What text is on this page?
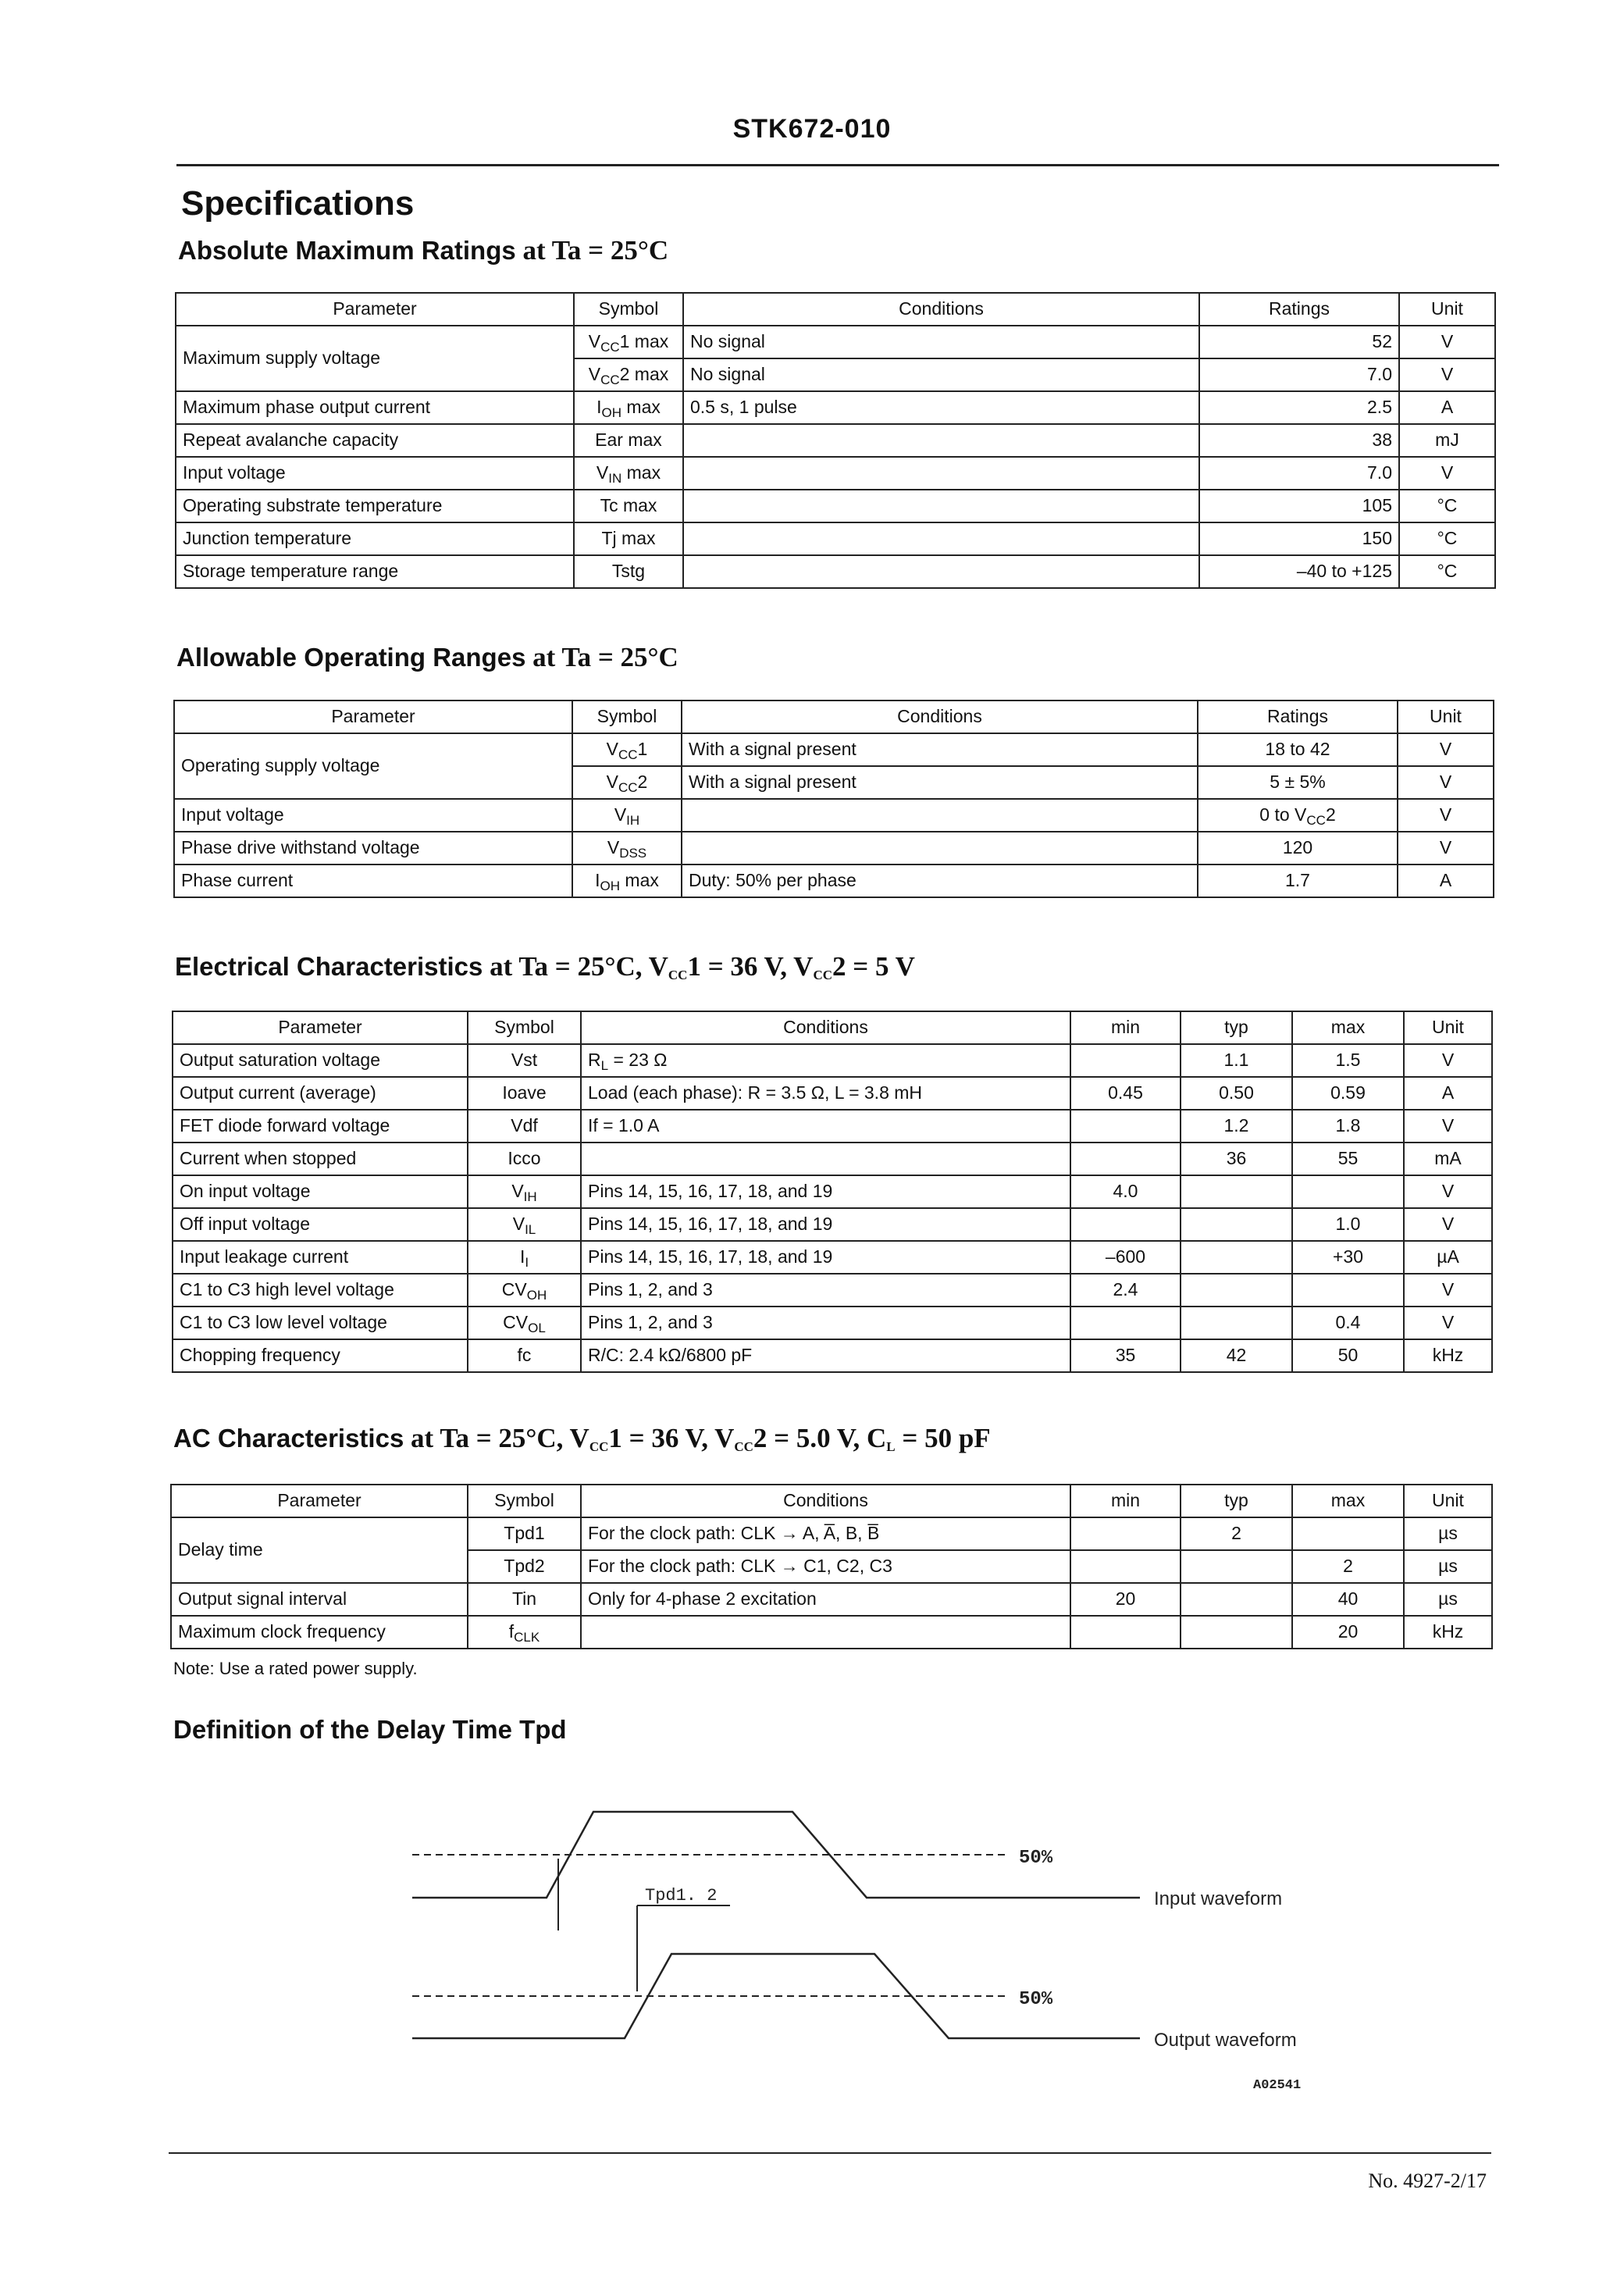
STK672-010
Specifications
Absolute Maximum Ratings at Ta = 25°C
Parameter	Symbol	Conditions	Ratings	Unit
Maximum supply voltage	$V_{CC}1$ max	No signal	52	V
	$V_{CC}2$ max	No signal	7.0	V
Maximum phase output current	$I_{OH}$ max	0.5 s, 1 pulse	2.5	A
Repeat avalanche capacity	Ear max		38	mJ
Input voltage	$V_{IN}$ max		7.0	V
Operating substrate temperature	Tc max		105	°C
Junction temperature	Tj max		150	°C
Storage temperature range	Tstg		–40 to +125	°C
Allowable Operating Ranges at Ta = 25°C
Parameter	Symbol	Conditions	Ratings	Unit
Operating supply voltage	$V_{CC}1$	With a signal present	18 to 42	V
	$V_{CC}2$	With a signal present	5 ± 5%	V
Input voltage	$V_{IH}$		0 to $V_{CC}2$	V
Phase drive withstand voltage	$V_{DSS}$		120	V
Phase current	$I_{OH}$ max	Duty: 50% per phase	1.7	A
Electrical Characteristics at Ta = 25°C, $V_{CC}1 = 36$ V, $V_{CC}2 = 5$ V
Parameter	Symbol	Conditions	min	typ	max	Unit
Output saturation voltage	Vst	$R_L = 23$ Ω		1.1	1.5	V
Output current (average)	Ioave	Load (each phase): R = 3.5 Ω, L = 3.8 mH	0.45	0.50	0.59	A
FET diode forward voltage	Vdf	If = 1.0 A		1.2	1.8	V
Current when stopped	Icco			36	55	mA
On input voltage	$V_{IH}$	Pins 14, 15, 16, 17, 18, and 19	4.0			V
Off input voltage	$V_{IL}$	Pins 14, 15, 16, 17, 18, and 19			1.0	V
Input leakage current	$I_I$	Pins 14, 15, 16, 17, 18, and 19	–600		+30	µA
C1 to C3 high level voltage	$CV_{OH}$	Pins 1, 2, and 3	2.4			V
C1 to C3 low level voltage	$CV_{OL}$	Pins 1, 2, and 3			0.4	V
Chopping frequency	fc	R/C: 2.4 kΩ/6800 pF	35	42	50	kHz
AC Characteristics at Ta = 25°C, $V_{CC}1 = 36$ V, $V_{CC}2 = 5.0$ V, $C_L = 50$ pF
Parameter	Symbol	Conditions	min	typ	max	Unit
Delay time	Tpd1	For the clock path: CLK → A, A̅, B, B̅		2		µs
	Tpd2	For the clock path: CLK → C1, C2, C3			2	µs
Output signal interval	Tin	Only for 4-phase 2 excitation	20		40	µs
Maximum clock frequency	$f_{CLK}$				20	kHz
Note: Use a rated power supply.
Definition of the Delay Time Tpd
50%
50%
Tpd1. 2	Input waveform
Output waveform
A02541
No. 4927-2/17
